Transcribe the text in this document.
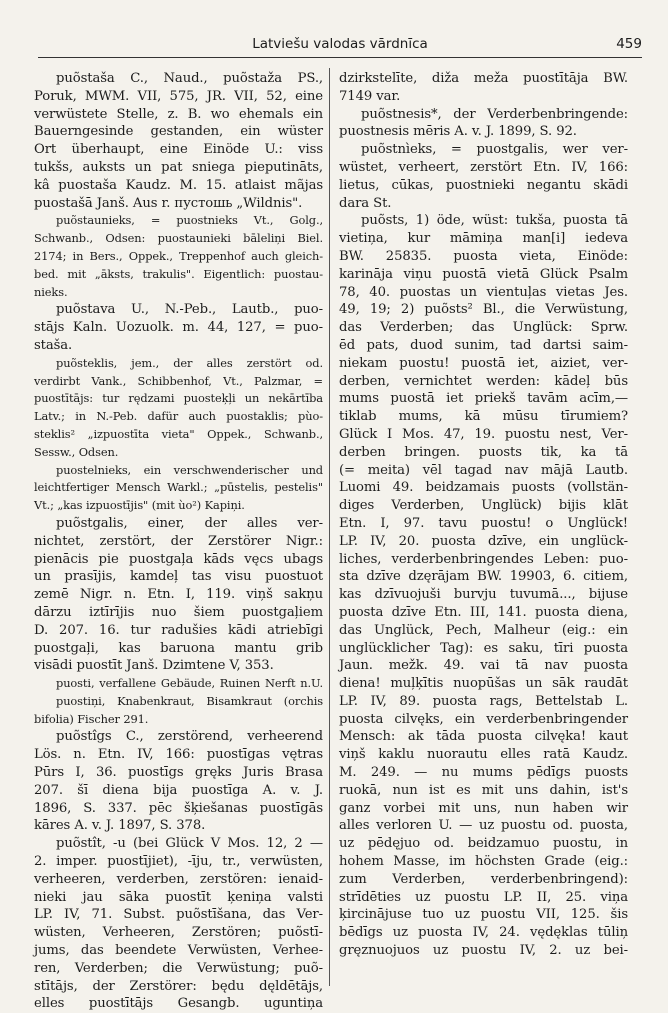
Latviešu valodas vārdnīca	459
puõstaša C., Naud., puõstaža PS.,
Poruk, MWM. VII, 575, JR. VII, 52, eine
verwüstete Stelle, z. B. wo ehemals ein
Bauerngesinde gestanden, ein wüster
Ort überhaupt, eine Einöde U.: viss
tukšs, auksts un pat sniega pieputināts,
kâ puostaša Kaudz. M. 15. atlaist mãjas
puostašā Janš. Aus r. пустошь „Wildnis".
puõstaunieks, = puostnieks Vt., Golg.,
Schwanb., Odsen: puostaunieki bāleliņi Biel.
2174; in Bers., Oppek., Treppenhof auch gleich-
bed. mit „āksts, trakulis". Eigentlich: puostau-
nieks.
puõstava U., N.-Peb., Lautb., puo-
stājs Kaln. Uozuolk. m. 44, 127, = puo-
staša.
puõsteklis, jem., der alles zerstört od.
verdirbt Vank., Schibbenhof, Vt., Palzmar, =
puostītājs: tur rędzami puosteķļi un nekārtība
Latv.; in N.-Peb. dafür auch puostaklis; pùo-
steklis² „izpuostīta vieta" Oppek., Schwanb.,
Sessw., Odsen.
puostelnieks, ein verschwenderischer und
leichtfertiger Mensch Warkl.; „pūstelis, pestelis"
Vt.; „kas izpuostījis" (mit ùo²) Kapiņi.
puõstgalis, einer, der alles ver-
nichtet, zerstört, der Zerstörer Nigr.:
pienācis pie puostgaļa kāds vęcs ubags
un prasījis, kamdeļ tas visu puostuot
zemē Nigr. n. Etn. I, 119. viņš sakņu
dārzu iztīrījis nuo šiem puostgaļiem
D. 207. 16. tur radušies kādi atriebīgi
puostgaļi, kas baruona mantu grib
visādi puostīt Janš. Dzimtene V, 353.
puosti, verfallene Gebäude, Ruinen Nerft n.U.
puostiņi, Knabenkraut, Bisamkraut (orchis
bifolia) Fischer 291.
puõstîgs C., zerstörend, verheerend
Lös. n. Etn. IV, 166: puostīgas vętras
Pūrs I, 36. puostīgs gręks Juris Brasa
207. šī diena bija puostīga A. v. J.
1896, S. 337. pēc šķiešanas puostīgās
kāres A. v. J. 1897, S. 378.
puõstît, -u (bei Glück V Mos. 12, 2 —
2. imper. puostījiet), -īju, tr., verwüsten,
verheeren, verderben, zerstören: ienaid-
nieki jau sāka puostīt ķeniņa valsti
LP. IV, 71. Subst. puõstīšana, das Ver-
wüsten, Verheeren, Zerstören; puõstī-
jums, das beendete Verwüsten, Verhee-
ren, Verderben; die Verwüstung; puõ-
stītājs, der Zerstörer: będu dęldētājs,
elles puostītājs Gesangb. uguntiņa
dzirkstelīte, diža meža puostītāja BW.
7149 var.
puõstnesis*, der Verderbenbringende:
puostnesis mēris A. v. J. 1899, S. 92.
puõstnìeks, = puostgalis, wer ver-
wüstet, verheert, zerstört Etn. IV, 166:
lietus, cūkas, puostnieki negantu skādi
dara St.
puõsts, 1) öde, wüst: tukša, puosta tā
vietiņa, kur māmiņa man[i] iedeva
BW. 25835. puosta vieta, Einöde:
karināja viņu puostā vietā Glück Psalm
78, 40. puostas un vientuļas vietas Jes.
49, 19; 2) puõsts² Bl., die Verwüstung,
das Verderben; das Unglück: Sprw.
ēd pats, duod sunim, tad dartsi saim-
niekam puostu! puostā iet, aiziet, ver-
derben, vernichtet werden: kādeļ būs
mums puostā iet priekš tavām acīm,—
tiklab mums, kā mūsu tīrumiem?
Glück I Mos. 47, 19. puostu nest, Ver-
derben bringen. puosts tik, ka tā
(= meita) vēl tagad nav mājā Lautb.
Luomi 49. beidzamais puosts (vollstän-
diges Verderben, Unglück) bijis klāt
Etn. I, 97. tavu puostu! o Unglück!
LP. IV, 20. puosta dzīve, ein unglück-
liches, verderbenbringendes Leben: puo-
sta dzīve dzęrājam BW. 19903, 6. citiem,
kas dzīvuojuši burvju tuvumā..., bijuse
puosta dzīve Etn. III, 141. puosta diena,
das Unglück, Pech, Malheur (eig.: ein
unglücklicher Tag): es saku, tīri puosta
Jaun. mežk. 49. vai tā nav puosta
diena! muļķītis nuopūšas un sāk raudāt
LP. IV, 89. puosta rags, Bettelstab L.
puosta cilvęks, ein verderbenbringender
Mensch: ak tāda puosta cilvęka! kaut
viņš kaklu nuorautu elles ratā Kaudz.
M. 249. — nu mums pēdīgs puosts
ruokā, nun ist es mit uns dahin, ist's
ganz vorbei mit uns, nun haben wir
alles verloren U. — uz puostu od. puosta,
uz pēdęjuo od. beidzamuo puostu, in
hohem Masse, im höchsten Grade (eig.:
zum Verderben, verderbenbringend):
strīdēties uz puostu LP. II, 25. viņa
ķircinājuse tuo uz puostu VII, 125. šis
bēdīgs uz puosta IV, 24. vędęklas tūliņ
gręznuojuos uz puostu IV, 2. uz bei-
